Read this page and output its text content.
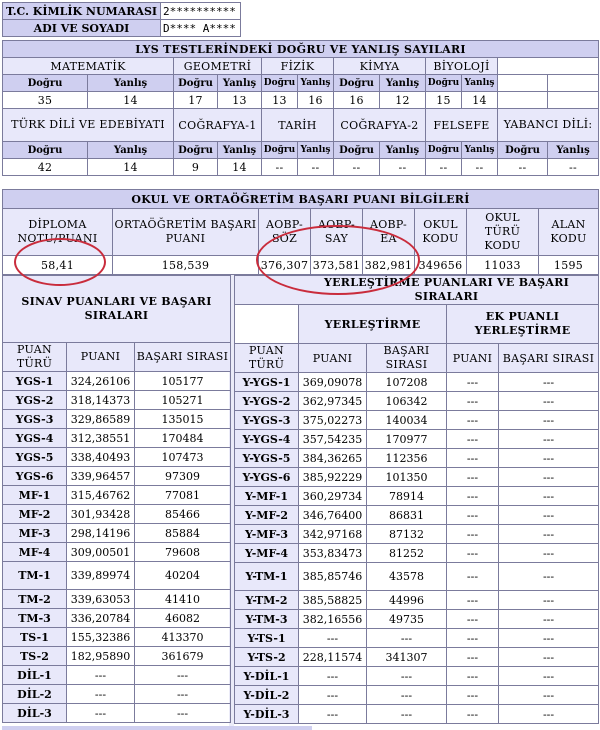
T.C. KİMLİK NUMARASI	2**********
ADI VE SOYADI	D**** A****
LYS TESTLERİNDEKİ DOĞRU VE YANLIŞ SAYILARI											
MATEMATİK		GEOMETRİ		FİZİK		KİMYA		BİYOLOJİ			
Doğru	Yanlış	Doğru	Yanlış	Doğru	Yanlış	Doğru	Yanlış	Doğru	Yanlış		
35	14	17	13	13	16	16	12	15	14		
TÜRK DİLİ VE EDEBİYATI		COĞRAFYA-1		TARİH		COĞRAFYA-2		FELSEFE		YABANCI DİLİ:	
Doğru	Yanlış	Doğru	Yanlış	Doğru	Yanlış	Doğru	Yanlış	Doğru	Yanlış	Doğru	Yanlış
42	14	9	14	--	--	--	--	--	--	--	--
OKUL VE ORTAÖĞRETİM BAŞARI PUANI BİLGİLERİ							
DİPLOMA NOTU/PUANI	ORTAÖĞRETİM BAŞARI PUANI	AOBP-SÖZ	AOBP-SAY	AOBP-EA	OKUL KODU	OKUL TÜRÜ KODU	ALAN KODU
58,41	158,539	376,307	373,581	382,981	349656	11033	1595
SINAV PUANLARI VE BAŞARI SIRALARI		
PUAN TÜRÜ	PUANI	BAŞARI SIRASI
YGS-1	324,26106	105177
YGS-2	318,14373	105271
YGS-3	329,86589	135015
YGS-4	312,38551	170484
YGS-5	338,40493	107473
YGS-6	339,96457	97309
MF-1	315,46762	77081
MF-2	301,93428	85466
MF-3	298,14196	85884
MF-4	309,00501	79608
TM-1	339,89974	40204
TM-2	339,63053	41410
TM-3	336,20784	46082
TS-1	155,32386	413370
TS-2	182,95890	361679
DİL-1	---	---
DİL-2	---	---
DİL-3	---	---
YERLEŞTİRME PUANLARI VE BAŞARI SIRALARI				
	YERLEŞTİRME		EK PUANLI YERLEŞTİRME	
PUAN TÜRÜ	PUANI	BAŞARI SIRASI	PUANI	BAŞARI SIRASI
Y-YGS-1	369,09078	107208	---	---
Y-YGS-2	362,97345	106342	---	---
Y-YGS-3	375,02273	140034	---	---
Y-YGS-4	357,54235	170977	---	---
Y-YGS-5	384,36265	112356	---	---
Y-YGS-6	385,92229	101350	---	---
Y-MF-1	360,29734	78914	---	---
Y-MF-2	346,76400	86831	---	---
Y-MF-3	342,97168	87132	---	---
Y-MF-4	353,83473	81252	---	---
Y-TM-1	385,85746	43578	---	---
Y-TM-2	385,58825	44996	---	---
Y-TM-3	382,16556	49735	---	---
Y-TS-1	---	---	---	---
Y-TS-2	228,11574	341307	---	---
Y-DİL-1	---	---	---	---
Y-DİL-2	---	---	---	---
Y-DİL-3	---	---	---	---
